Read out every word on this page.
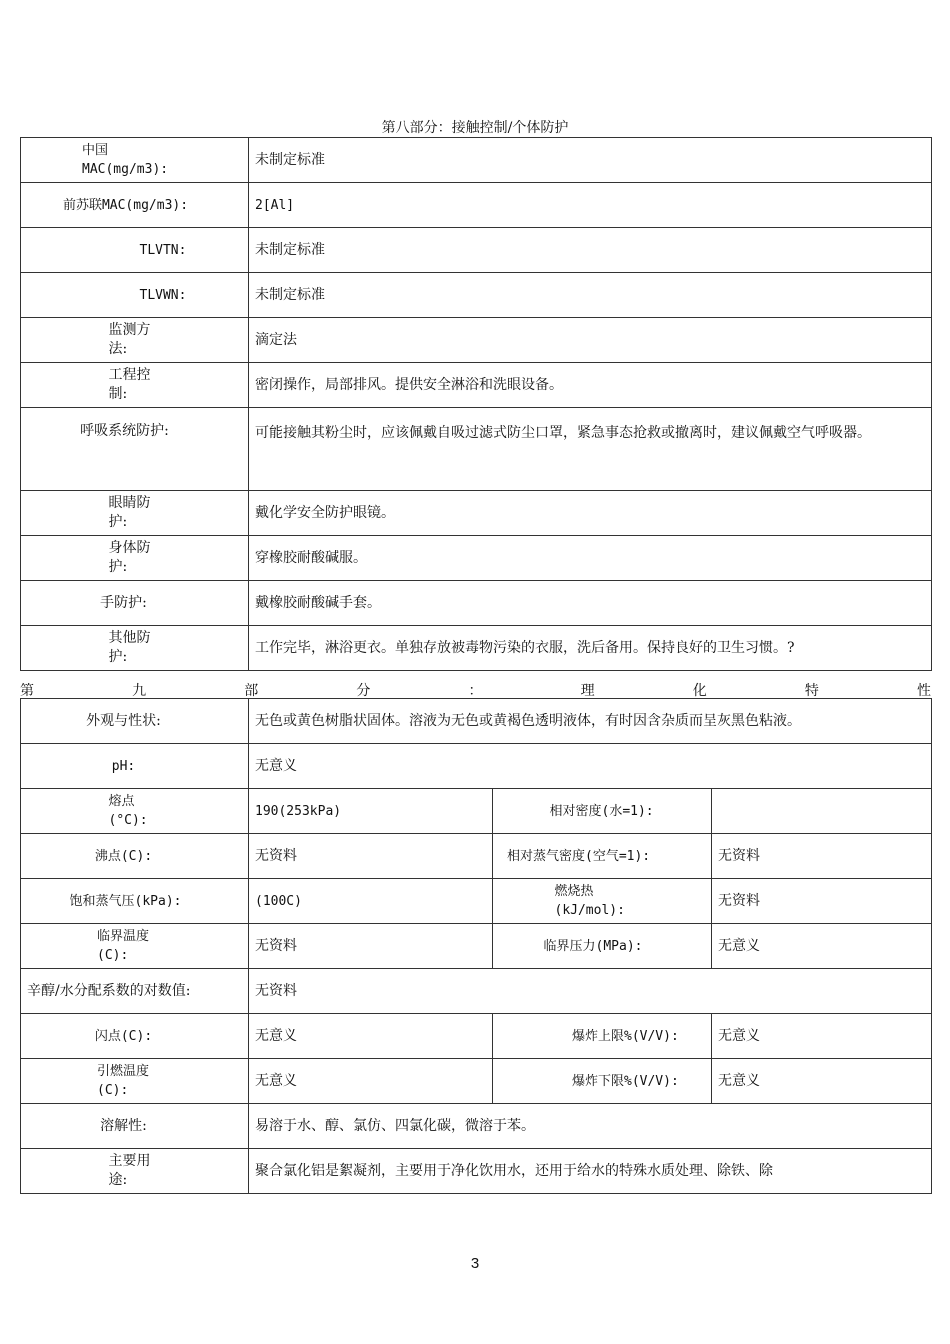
第八部分：接触控制/个体防护
中国MAC(mg/m3):	未制定标准
前苏联MAC(mg/m3):	2[Al]
TLVTN:	未制定标准
TLVWN:	未制定标准
监测方法:	滴定法
工程控制:	密闭操作，局部排风。提供安全淋浴和洗眼设备。
呼吸系统防护:	可能接触其粉尘时，应该佩戴自吸过滤式防尘口罩，紧急事态抢救或撤离时，建议佩戴空气呼吸器。
眼睛防护:	戴化学安全防护眼镜。
身体防护:	穿橡胶耐酸碱服。
手防护:	戴橡胶耐酸碱手套。
其他防护:	工作完毕，淋浴更衣。单独存放被毒物污染的衣服，洗后备用。保持良好的卫生习惯。?
第	九	部	分	：	理	化	特	性
外观与性状:	无色或黄色树脂状固体。溶液为无色或黄褐色透明液体，有时因含杂质而呈灰黑色粘液。		
pH:	无意义		
熔点(°C):	190(253kPa)	相对密度(水=1):	
沸点(C):	无资料	相对蒸气密度(空气=1):	无资料
饱和蒸气压(kPa):	(100C)	燃烧热(kJ/mol):	无资料
临界温度(C):	无资料	临界压力(MPa):	无意义
辛醇/水分配系数的对数值:	无资料		
闪点(C):	无意义	爆炸上限%(V/V):	无意义
引燃温度(C):	无意义	爆炸下限%(V/V):	无意义
溶解性:	易溶于水、醇、氯仿、四氯化碳，微溶于苯。		
主要用途:	聚合氯化铝是絮凝剂，主要用于净化饮用水，还用于给水的特殊水质处理、除铁、除		
3
